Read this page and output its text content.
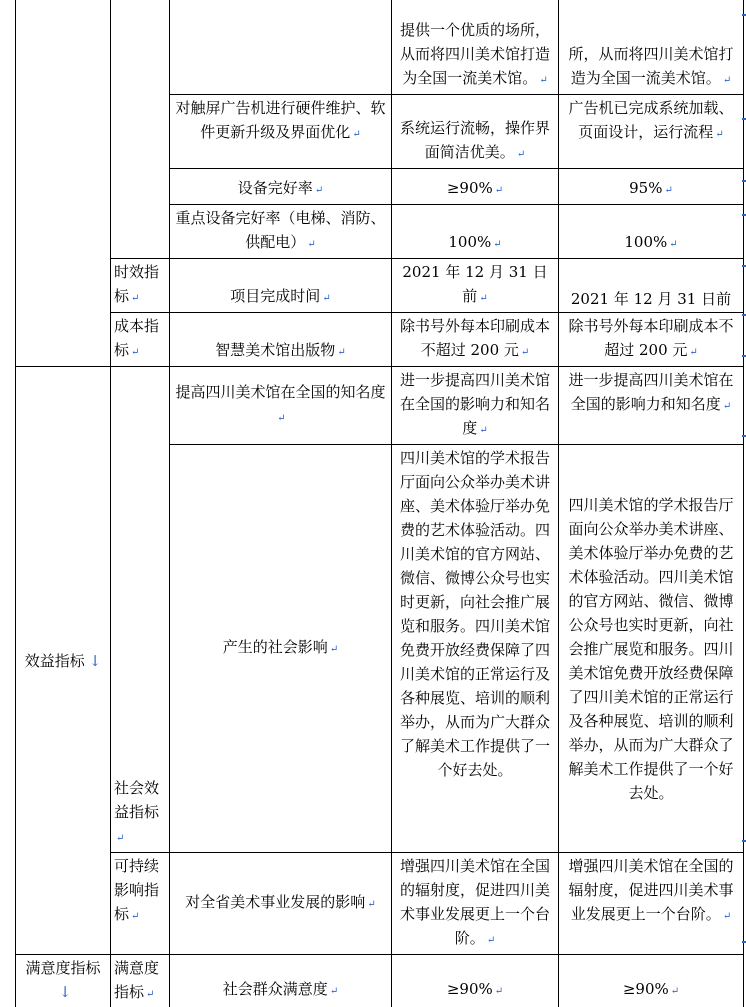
			提供一个优质的场所，从而将四川美术馆打造为全国一流美术馆。 ↵	所，从而将四川美术馆打造为全国一流美术馆。 ↵
		对触屏广告机进行硬件维护、软件更新升级及界面优化 ↵	系统运行流畅，操作界面简洁优美。 ↵	广告机已完成系统加载、页面设计，运行流程 ↵
		设备完好率 ↵	≥90% ↵	95% ↵
		重点设备完好率（电梯、消防、供配电） ↵	100% ↵	100% ↵
	时效指标 ↵	项目完成时间 ↵	2021 年 12 月 31 日前 ↵	2021 年 12 月 31 日前
	成本指标 ↵	智慧美术馆出版物 ↵	除书号外每本印刷成本不超过 200 元 ↵	除书号外每本印刷成本不超过 200 元 ↵
效益指标 ↓	社会效益指标↵	提高四川美术馆在全国的知名度↵	进一步提高四川美术馆在全国的影响力和知名度 ↵	进一步提高四川美术馆在全国的影响力和知名度 ↵
		产生的社会影响 ↵	四川美术馆的学术报告厅面向公众举办美术讲座、美术体验厅举办免费的艺术体验活动。四川美术馆的官方网站、微信、微博公众号也实时更新，向社会推广展览和服务。四川美术馆免费开放经费保障了四川美术馆的正常运行及各种展览、培训的顺利举办，从而为广大群众了解美术工作提供了一个好去处。	四川美术馆的学术报告厅面向公众举办美术讲座、美术体验厅举办免费的艺术体验活动。四川美术馆的官方网站、微信、微博公众号也实时更新，向社会推广展览和服务。四川美术馆免费开放经费保障了四川美术馆的正常运行及各种展览、培训的顺利举办，从而为广大群众了解美术工作提供了一个好去处。
	可持续影响指标 ↵	对全省美术事业发展的影响 ↵	增强四川美术馆在全国的辐射度，促进四川美术事业发展更上一个台阶。 ↵	增强四川美术馆在全国的辐射度，促进四川美术事业发展更上一个台阶。 ↵
满意度指标↓	满意度指标 ↵	社会群众满意度 ↵	≥90% ↵	≥90% ↵
